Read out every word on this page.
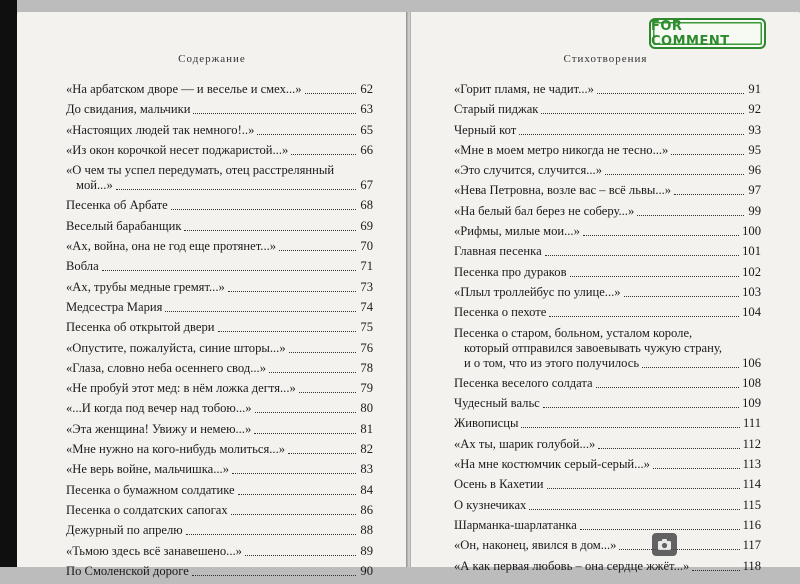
Содержание
«На арбатском дворе — и веселье и смех...»	62
До свидания, мальчики	63
«Настоящих людей так немного!..»	65
«Из окон корочкой несет поджаристой...»	66
«О чем ты успел передумать, отец расстрелянный
мой...»	67
Песенка об Арбате	68
Веселый барабанщик	69
«Ах, война, она не год еще протянет...»	70
Вобла	71
«Ах, трубы медные гремят...»	73
Медсестра Мария	74
Песенка об открытой двери	75
«Опустите, пожалуйста, синие шторы...»	76
«Глаза, словно неба осеннего свод...»	78
«Не пробуй этот мед: в нём ложка дегтя...»	79
«...И когда под вечер над тобою...»	80
«Эта женщина! Увижу и немею...»	81
«Мне нужно на кого-нибудь молиться...»	82
«Не верь войне, мальчишка...»	83
Песенка о бумажном солдатике	84
Песенка о солдатских сапогах	86
Дежурный по апрелю	88
«Тьмою здесь всё занавешено...»	89
По Смоленской дороге	90
Стихотворения
«Горит пламя, не чадит...»	91
Старый пиджак	92
Черный кот	93
«Мне в моем метро никогда не тесно...»	95
«Это случится, случится...»	96
«Нева Петровна, возле вас – всё львы...»	97
«На белый бал берез не соберу...»	99
«Рифмы, милые мои...»	100
Главная песенка	101
Песенка про дураков	102
«Плыл троллейбус по улице...»	103
Песенка о пехоте	104
Песенка о старом, больном, усталом короле,
который отправился завоевывать чужую страну,
и о том, что из этого получилось	106
Песенка веселого солдата	108
Чудесный вальс	109
Живописцы	111
«Ах ты, шарик голубой...»	112
«На мне костюмчик серый-серый...»	113
Осень в Кахетии	114
О кузнечиках	115
Шарманка-шарлатанка	116
«Он, наконец, явился в дом...»	117
«А как первая любовь – она сердце жжёт...»	118
FOR COMMENT
